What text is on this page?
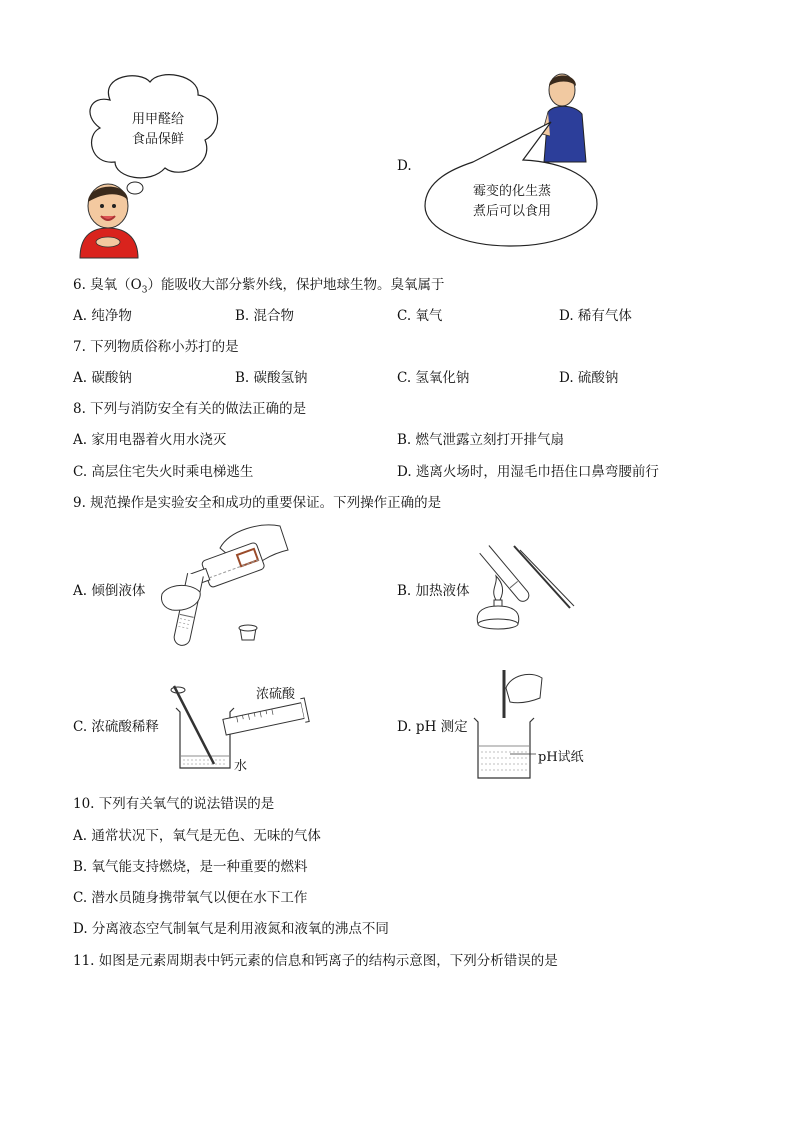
用甲醛给
食品保鲜
D.
霉变的化生蒸
煮后可以食用
6. 臭氧$(O_3)$能吸收大部分紫外线，保护地球生物。臭氧属于
A. 纯净物	B. 混合物	C. 氧气	D. 稀有气体
7. 下列物质俗称小苏打的是
A. 碳酸钠	B. 碳酸氢钠	C. 氢氧化钠	D. 硫酸钠
8. 下列与消防安全有关的做法正确的是
A. 家用电器着火用水浇灭	B. 燃气泄露立刻打开排气扇
C. 高层住宅失火时乘电梯逃生	D. 逃离火场时，用湿毛巾捂住口鼻弯腰前行
9. 规范操作是实验安全和成功的重要保证。下列操作正确的是
A. 倾倒液体	B. 加热液体
C. 浓硫酸稀释
浓硫酸
水
D. pH 测定
pH试纸
10. 下列有关氧气的说法错误的是
A. 通常状况下，氧气是无色、无味的气体
B. 氧气能支持燃烧，是一种重要的燃料
C. 潜水员随身携带氧气以便在水下工作
D. 分离液态空气制氧气是利用液氮和液氧的沸点不同
11. 如图是元素周期表中钙元素的信息和钙离子的结构示意图，下列分析错误的是
